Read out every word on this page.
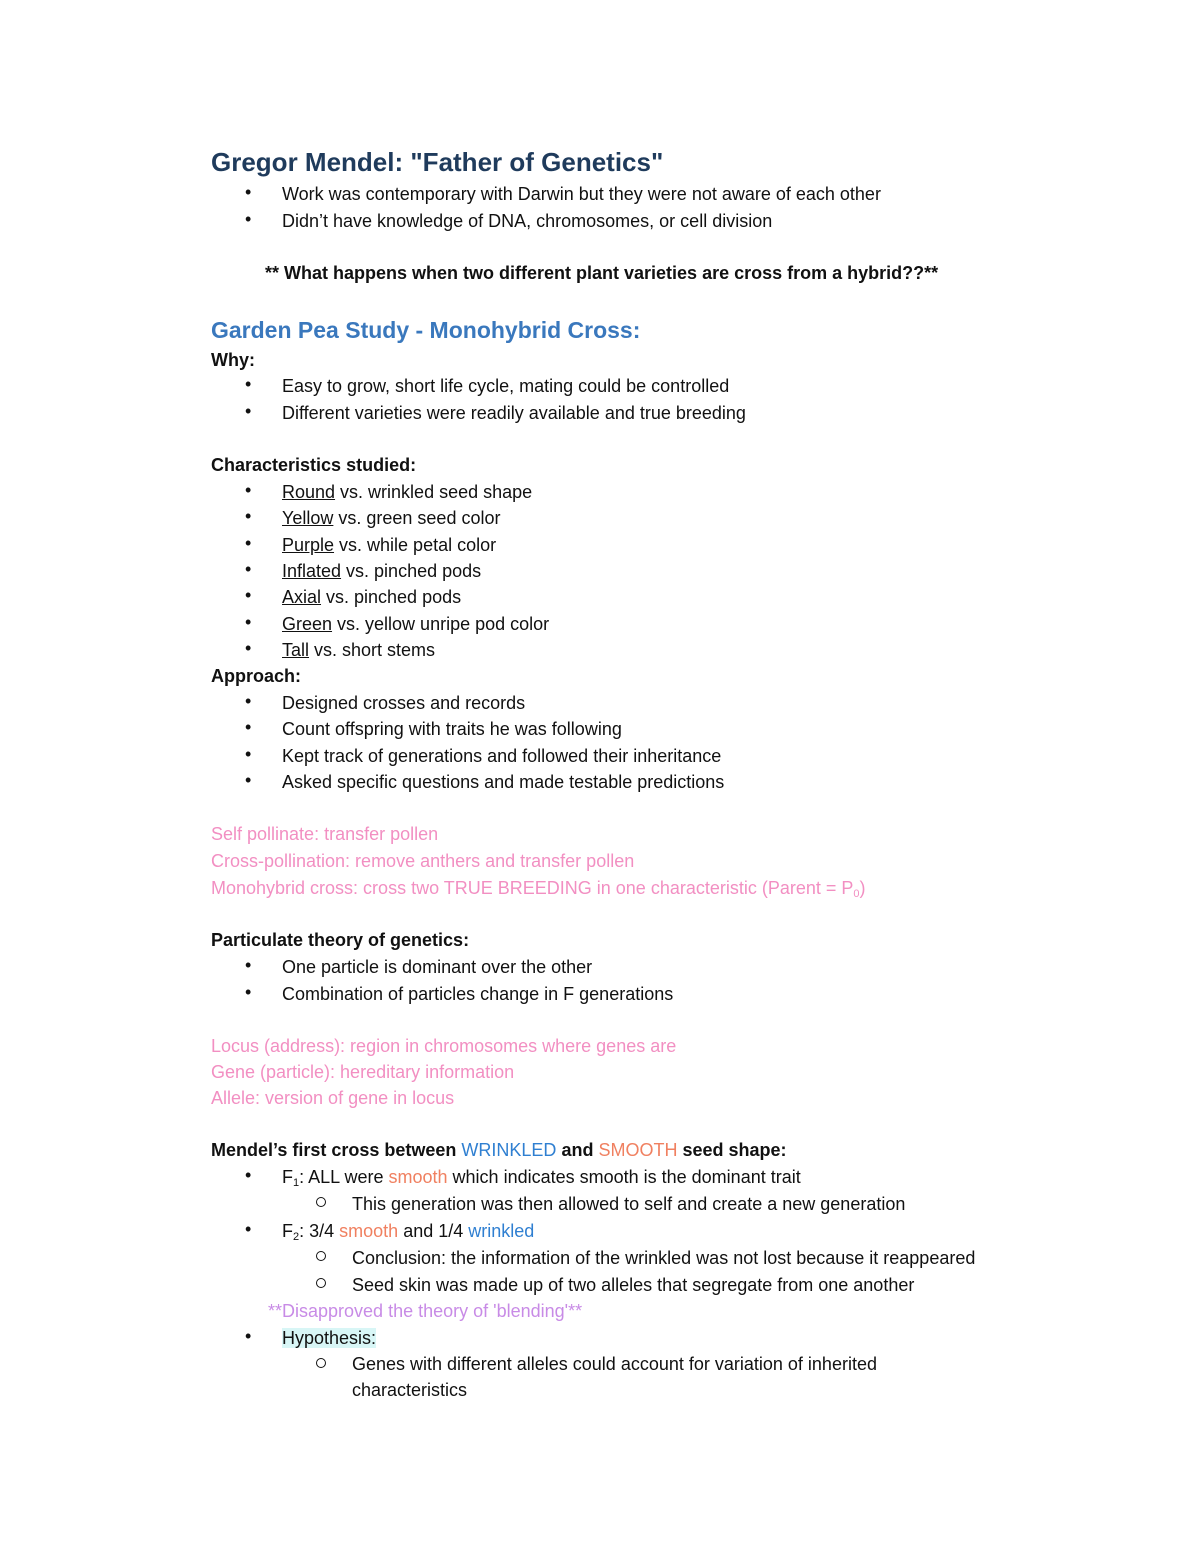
Gregor Mendel: "Father of Genetics"
• Work was contemporary with Darwin but they were not aware of each other
• Didn’t have knowledge of DNA, chromosomes, or cell division
** What happens when two different plant varieties are cross from a hybrid??**
Garden Pea Study - Monohybrid Cross:
Why:
• Easy to grow, short life cycle, mating could be controlled
• Different varieties were readily available and true breeding
Characteristics studied:
• Round vs. wrinkled seed shape
• Yellow vs. green seed color
• Purple vs. while petal color
• Inflated vs. pinched pods
• Axial vs. pinched pods
• Green vs. yellow unripe pod color
• Tall vs. short stems
Approach:
• Designed crosses and records
• Count offspring with traits he was following
• Kept track of generations and followed their inheritance
• Asked specific questions and made testable predictions
Self pollinate: transfer pollen
Cross-pollination: remove anthers and transfer pollen
Monohybrid cross: cross two TRUE BREEDING in one characteristic (Parent = $P_0$)
Particulate theory of genetics:
• One particle is dominant over the other
• Combination of particles change in F generations
Locus (address): region in chromosomes where genes are
Gene (particle): hereditary information
Allele: version of gene in locus
Mendel’s first cross between WRINKLED and SMOOTH seed shape:
• $F_1$: ALL were smooth which indicates smooth is the dominant trait
This generation was then allowed to self and create a new generation
• $F_2$: 3/4 smooth and 1/4 wrinkled
Conclusion: the information of the wrinkled was not lost because it reappeared
Seed skin was made up of two alleles that segregate from one another
**Disapproved the theory of 'blending'**
• Hypothesis:
Genes with different alleles could account for variation of inherited
characteristics
